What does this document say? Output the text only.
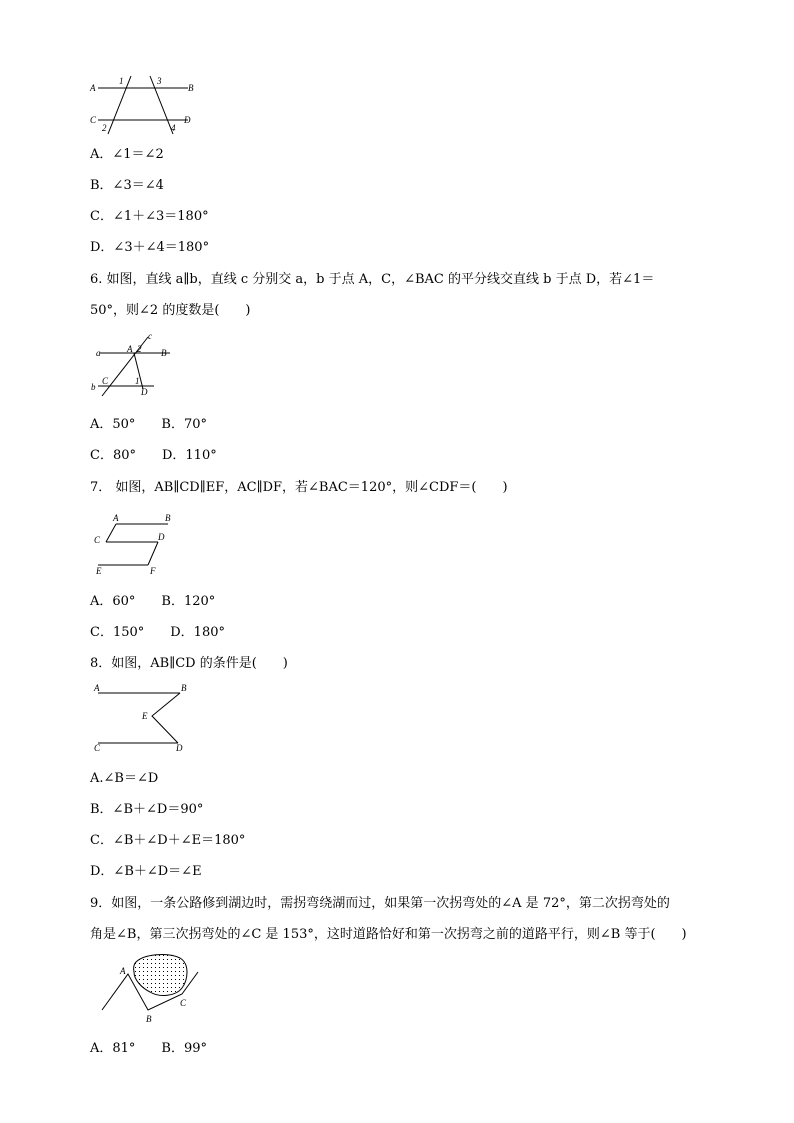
A	B
C	D
1	3
2	4
A．∠1＝∠2
B．∠3＝∠4
C．∠1＋∠3＝180°
D．∠3＋∠4＝180°
6. 如图，直线 a∥b，直线 c 分别交 a，b 于点 A，C，∠BAC 的平分线交直线 b 于点 D，若∠1＝
50°，则∠2 的度数是(　　)
a
b
c
A	B
C
D
1
2
A．50°　　B．70°
C．80°　　D．110°
7． 如图，AB∥CD∥EF，AC∥DF，若∠BAC＝120°，则∠CDF＝(　　)
A	B
C	D
E	F
A．60°　　B．120°
C．150°　　D．180°
8．如图，AB∥CD 的条件是(　　)
A	B
E
C	D
A.∠B＝∠D
B．∠B＋∠D＝90°
C．∠B＋∠D＋∠E＝180°
D．∠B＋∠D＝∠E
9．如图，一条公路修到湖边时，需拐弯绕湖而过，如果第一次拐弯处的∠A 是 72°，第二次拐弯处的
角是∠B，第三次拐弯处的∠C 是 153°，这时道路恰好和第一次拐弯之前的道路平行，则∠B 等于(　　)
A
B
C
A．81°　　B．99°
